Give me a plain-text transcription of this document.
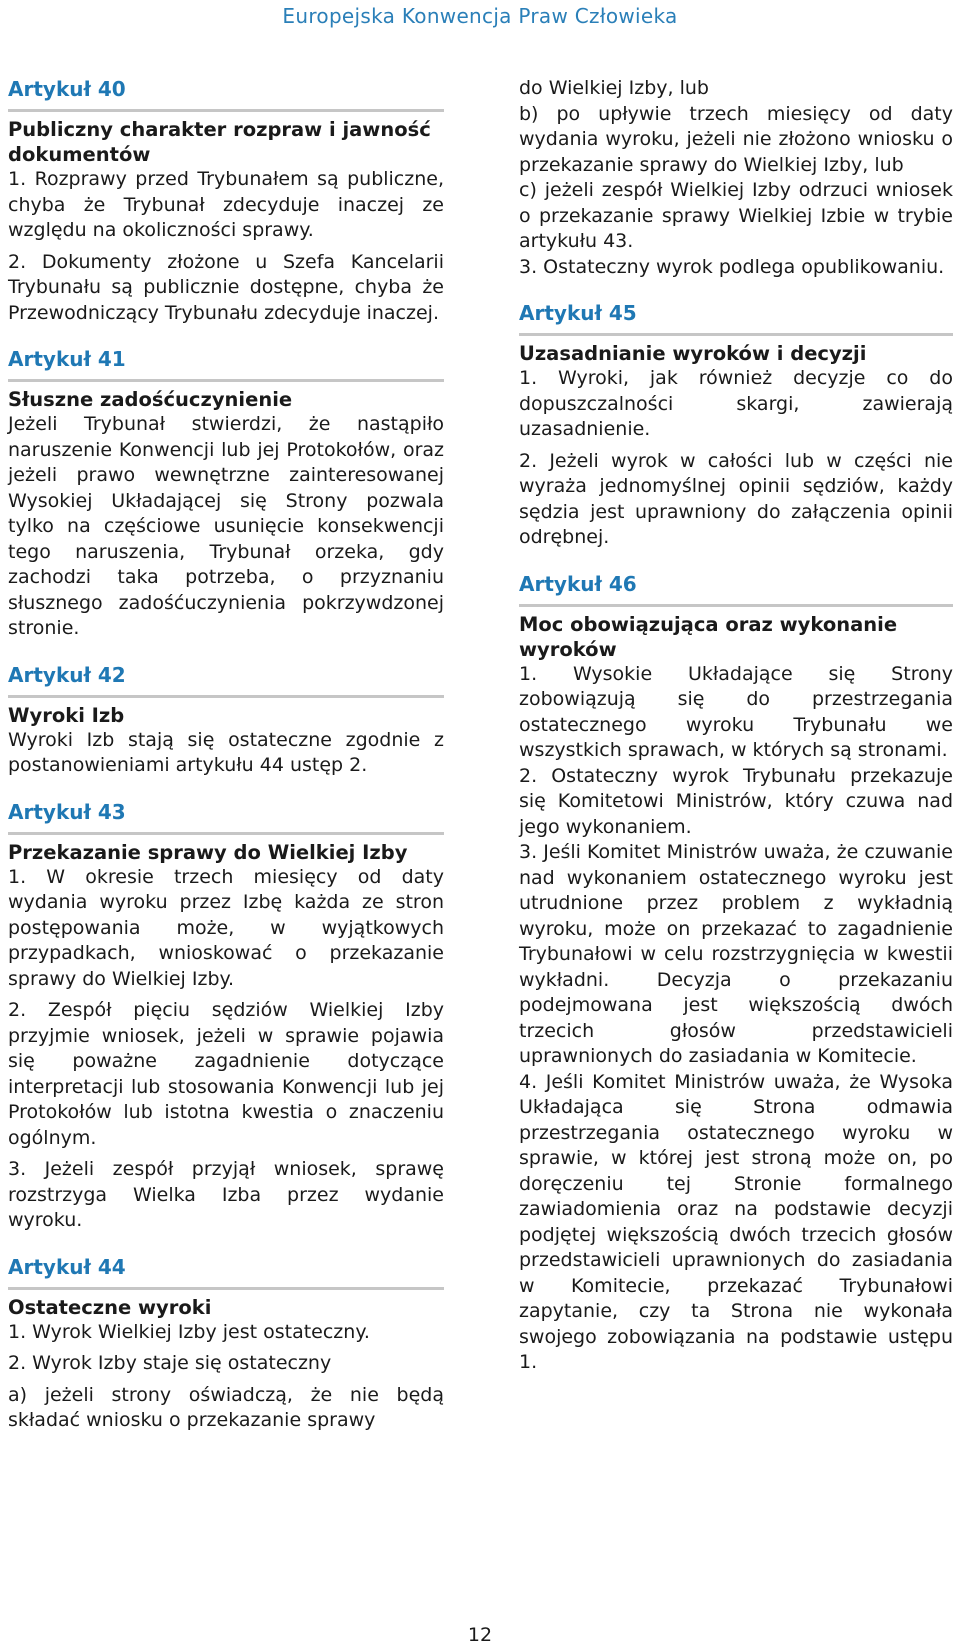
Europejska Konwencja Praw Człowieka
Artykuł 40
Publiczny charakter rozpraw i jawność dokumentów

1. Rozprawy przed Trybunałem są publiczne, chyba że Trybunał zdecyduje inaczej ze względu na okoliczności sprawy.

2. Dokumenty złożone u Szefa Kancelarii Trybunału są publicznie dostępne, chyba że Przewodniczący Trybunału zdecyduje inaczej.

Artykuł 41
Słuszne zadośćuczynienie

Jeżeli Trybunał stwierdzi, że nastąpiło naruszenie Konwencji lub jej Protokołów, oraz jeżeli prawo wewnętrzne zainteresowanej Wysokiej Układającej się Strony pozwala tylko na częściowe usunięcie konsekwencji tego naruszenia, Trybunał orzeka, gdy zachodzi taka potrzeba, o przyznaniu słusznego zadośćuczynienia pokrzywdzonej stronie.

Artykuł 42
Wyroki Izb

Wyroki Izb stają się ostateczne zgodnie z postanowieniami artykułu 44 ustęp 2.

Artykuł 43
Przekazanie sprawy do Wielkiej Izby

1. W okresie trzech miesięcy od daty wydania wyroku przez Izbę każda ze stron postępowania może, w wyjątkowych przypadkach, wnioskować o przekazanie sprawy do Wielkiej Izby.

2. Zespół pięciu sędziów Wielkiej Izby przyjmie wniosek, jeżeli w sprawie pojawia się poważne zagadnienie dotyczące interpretacji lub stosowania Konwencji lub jej Protokołów lub istotna kwestia o znaczeniu ogólnym.

3. Jeżeli zespół przyjął wniosek, sprawę rozstrzyga Wielka Izba przez wydanie wyroku.

Artykuł 44
Ostateczne wyroki

1. Wyrok Wielkiej Izby jest ostateczny.

2. Wyrok Izby staje się ostateczny

a) jeżeli strony oświadczą, że nie będą składać wniosku o przekazanie sprawy

do Wielkiej Izby, lub

b) po upływie trzech miesięcy od daty wydania wyroku, jeżeli nie złożono wniosku o przekazanie sprawy do Wielkiej Izby, lub

c) jeżeli zespół Wielkiej Izby odrzuci wniosek o przekazanie sprawy Wielkiej Izbie w trybie artykułu 43.

3. Ostateczny wyrok podlega opublikowaniu.

Artykuł 45
Uzasadnianie wyroków i decyzji

1. Wyroki, jak również decyzje co do dopuszczalności skargi, zawierają uzasadnienie.

2. Jeżeli wyrok w całości lub w części nie wyraża jednomyślnej opinii sędziów, każdy sędzia jest uprawniony do załączenia opinii odrębnej.

Artykuł 46
Moc obowiązująca oraz wykonanie wyroków

1. Wysokie Układające się Strony zobowiązują się do przestrzegania ostatecznego wyroku Trybunału we wszystkich sprawach, w których są stronami.

2. Ostateczny wyrok Trybunału przekazuje się Komitetowi Ministrów, który czuwa nad jego wykonaniem.

3. Jeśli Komitet Ministrów uważa, że czuwanie nad wykonaniem ostatecznego wyroku jest utrudnione przez problem z wykładnią wyroku, może on przekazać to zagadnienie Trybunałowi w celu rozstrzygnięcia w kwestii wykładni. Decyzja o przekazaniu podejmowana jest większością dwóch trzecich głosów przedstawicieli uprawnionych do zasiadania w Komitecie.

4. Jeśli Komitet Ministrów uważa, że Wysoka Układająca się Strona odmawia przestrzegania ostatecznego wyroku w sprawie, w której jest stroną może on, po doręczeniu tej Stronie formalnego zawiadomienia oraz na podstawie decyzji podjętej większością dwóch trzecich głosów przedstawicieli uprawnionych do zasiadania w Komitecie, przekazać Trybunałowi zapytanie, czy ta Strona nie wykonała swojego zobowiązania na podstawie ustępu 1.

12
